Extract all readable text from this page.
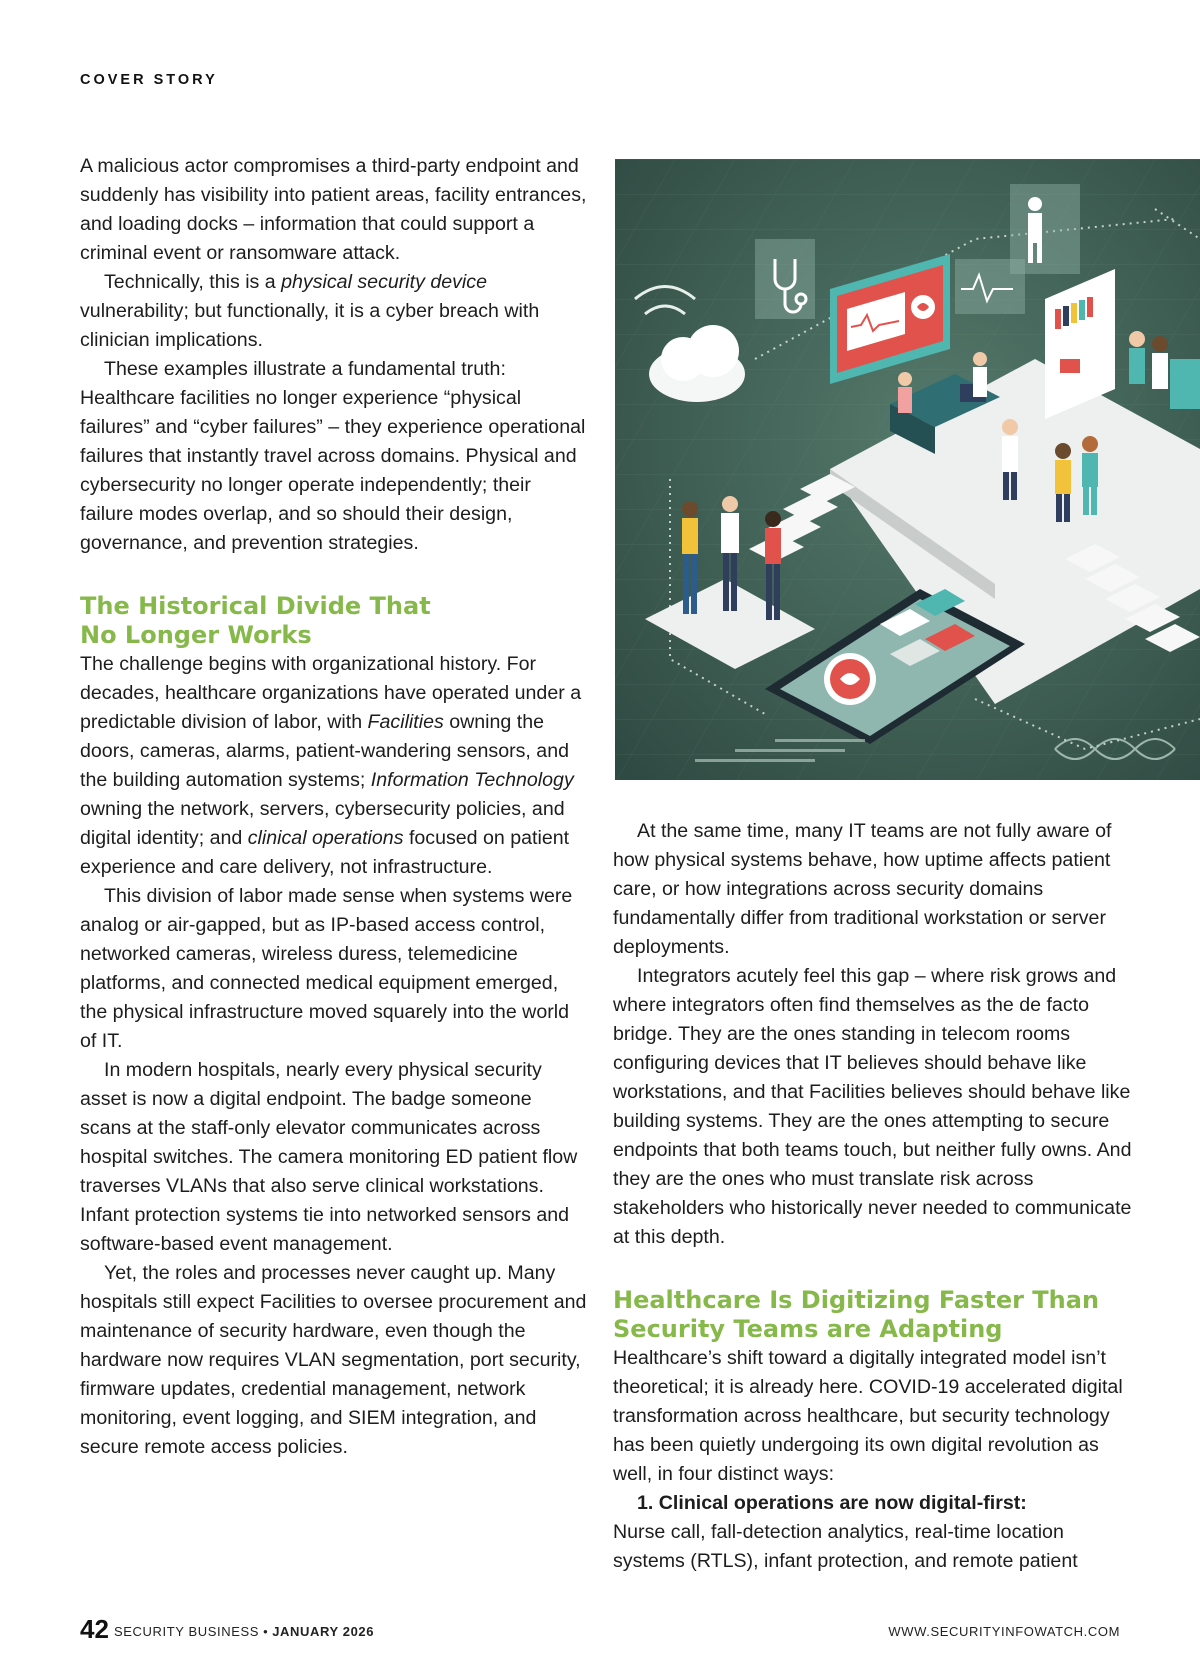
COVER STORY

A malicious actor compromises a third-party endpoint and suddenly has visibility into patient areas, facility entrances, and loading docks – information that could support a criminal event or ransomware attack.

Technically, this is a physical security device vulnerability; but functionally, it is a cyber breach with clinician implications.

These examples illustrate a fundamental truth: Healthcare facilities no longer experience “physical failures” and “cyber failures” – they experience operational failures that instantly travel across domains. Physical and cybersecurity no longer operate independently; their failure modes overlap, and so should their design, governance, and prevention strategies.

The Historical Divide That
No Longer Works

The challenge begins with organizational history. For decades, healthcare organizations have operated under a predictable division of labor, with Facilities owning the doors, cameras, alarms, patient-wandering sensors, and the building automation systems; Information Technology owning the network, servers, cybersecurity policies, and digital identity; and clinical operations focused on patient experience and care delivery, not infrastructure.

This division of labor made sense when systems were analog or air-gapped, but as IP-based access control, networked cameras, wireless duress, telemedicine platforms, and connected medical equipment emerged, the physical infrastructure moved squarely into the world of IT.

In modern hospitals, nearly every physical security asset is now a digital endpoint. The badge someone scans at the staff-only elevator communicates across hospital switches. The camera monitoring ED patient flow traverses VLANs that also serve clinical workstations. Infant protection systems tie into networked sensors and software-based event management.

Yet, the roles and processes never caught up. Many hospitals still expect Facilities to oversee procurement and maintenance of security hardware, even though the hardware now requires VLAN segmentation, port security, firmware updates, credential management, network monitoring, event logging, and SIEM integration, and secure remote access policies.

At the same time, many IT teams are not fully aware of how physical systems behave, how uptime affects patient care, or how integrations across security domains fundamentally differ from traditional workstation or server deployments.

Integrators acutely feel this gap – where risk grows and where integrators often find themselves as the de facto bridge. They are the ones standing in telecom rooms configuring devices that IT believes should behave like workstations, and that Facilities believes should behave like building systems. They are the ones attempting to secure endpoints that both teams touch, but neither fully owns. And they are the ones who must translate risk across stakeholders who historically never needed to communicate at this depth.

Healthcare Is Digitizing Faster Than
Security Teams are Adapting

Healthcare’s shift toward a digitally integrated model isn’t theoretical; it is already here. COVID-19 accelerated digital transformation across healthcare, but security technology has been quietly undergoing its own digital revolution as well, in four distinct ways:

1. Clinical operations are now digital-first:

Nurse call, fall-detection analytics, real-time location systems (RTLS), infant protection, and remote patient

42 SECURITY BUSINESS • JANUARY 2026	WWW.SECURITYINFOWATCH.COM
